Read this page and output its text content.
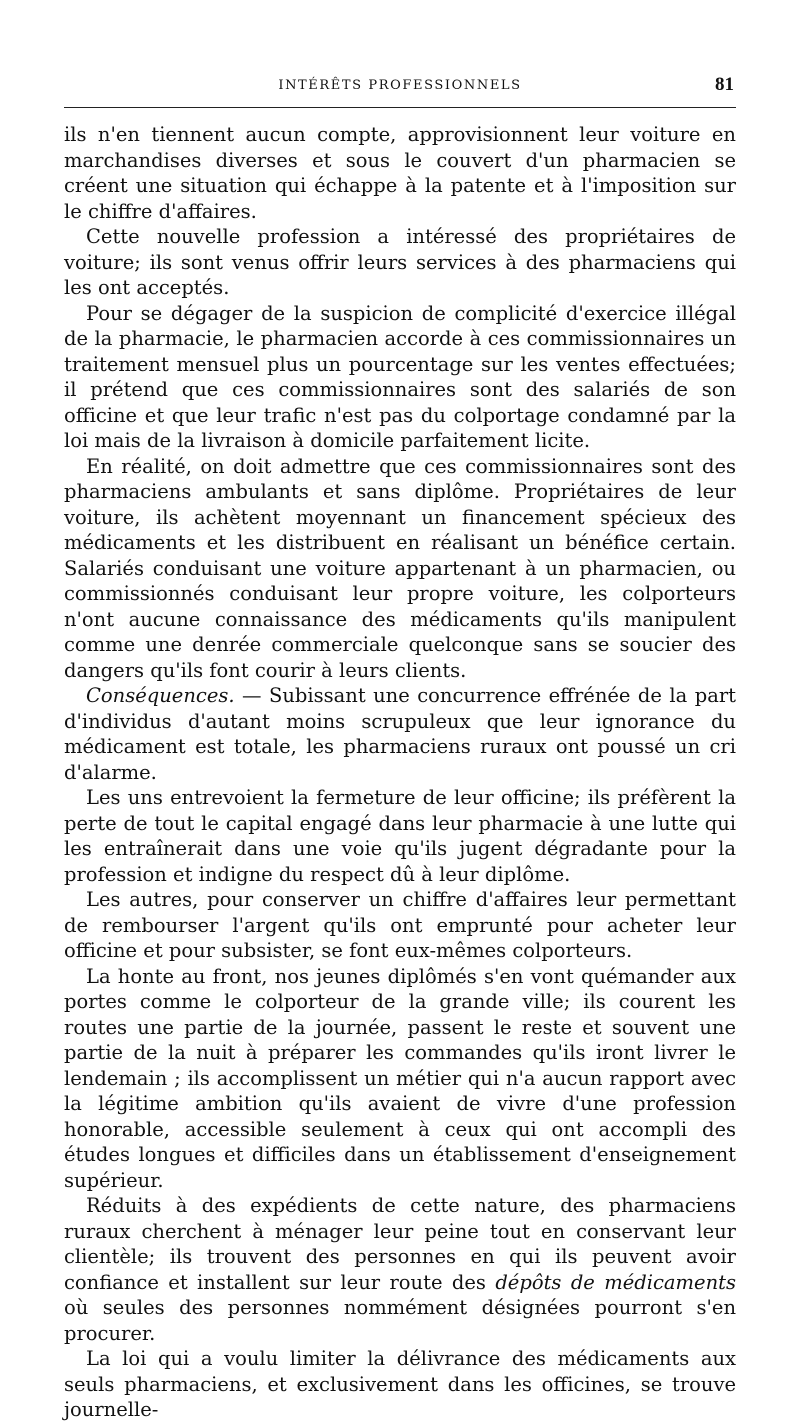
INTÉRÊTS PROFESSIONNELS	81

ils n'en tiennent aucun compte, approvisionnent leur voiture en marchandises diverses et sous le couvert d'un pharmacien se créent une situation qui échappe à la patente et à l'imposition sur le chiffre d'affaires.

Cette nouvelle profession a intéressé des propriétaires de voiture; ils sont venus offrir leurs services à des pharmaciens qui les ont acceptés.

Pour se dégager de la suspicion de complicité d'exercice illégal de la pharmacie, le pharmacien accorde à ces commissionnaires un traitement mensuel plus un pourcentage sur les ventes effectuées; il prétend que ces commissionnaires sont des salariés de son officine et que leur trafic n'est pas du colportage condamné par la loi mais de la livraison à domicile parfaitement licite.

En réalité, on doit admettre que ces commissionnaires sont des pharmaciens ambulants et sans diplôme. Propriétaires de leur voiture, ils achètent moyennant un financement spécieux des médicaments et les distribuent en réalisant un bénéfice certain. Salariés conduisant une voiture appartenant à un pharmacien, ou commissionnés conduisant leur propre voiture, les colporteurs n'ont aucune connaissance des médicaments qu'ils manipulent comme une denrée commerciale quelconque sans se soucier des dangers qu'ils font courir à leurs clients.

Conséquences. — Subissant une concurrence effrénée de la part d'individus d'autant moins scrupuleux que leur ignorance du médicament est totale, les pharmaciens ruraux ont poussé un cri d'alarme.

Les uns entrevoient la fermeture de leur officine; ils préfèrent la perte de tout le capital engagé dans leur pharmacie à une lutte qui les entraînerait dans une voie qu'ils jugent dégradante pour la profession et indigne du respect dû à leur diplôme.

Les autres, pour conserver un chiffre d'affaires leur permettant de rembourser l'argent qu'ils ont emprunté pour acheter leur officine et pour subsister, se font eux-mêmes colporteurs.

La honte au front, nos jeunes diplômés s'en vont quémander aux portes comme le colporteur de la grande ville; ils courent les routes une partie de la journée, passent le reste et souvent une partie de la nuit à préparer les commandes qu'ils iront livrer le lendemain ; ils accomplissent un métier qui n'a aucun rapport avec la légitime ambition qu'ils avaient de vivre d'une profession honorable, accessible seulement à ceux qui ont accompli des études longues et difficiles dans un établissement d'enseignement supérieur.

Réduits à des expédients de cette nature, des pharmaciens ruraux cherchent à ménager leur peine tout en conservant leur clientèle; ils trouvent des personnes en qui ils peuvent avoir confiance et installent sur leur route des dépôts de médicaments où seules des personnes nommément désignées pourront s'en procurer.

La loi qui a voulu limiter la délivrance des médicaments aux seuls pharmaciens, et exclusivement dans les officines, se trouve journelle-
